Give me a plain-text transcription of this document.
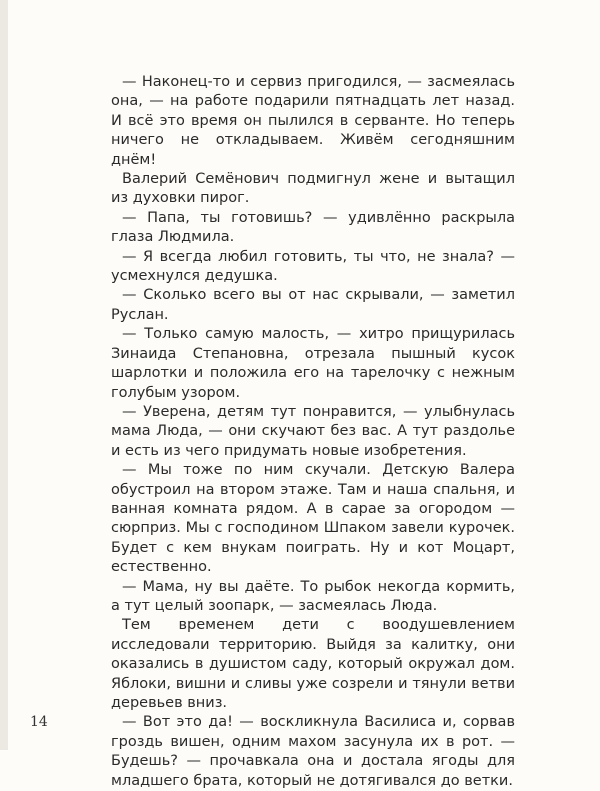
— Наконец-то и сервиз пригодился, — засмеялась она, — на работе подарили пятнадцать лет назад. И всё это время он пылился в серванте. Но теперь ничего не откладываем. Живём сегодняшним днём!

Валерий Семёнович подмигнул жене и вытащил из духовки пирог.

— Папа, ты готовишь? — удивлённо раскрыла глаза Людмила.

— Я всегда любил готовить, ты что, не знала? — усмехнулся дедушка.

— Сколько всего вы от нас скрывали, — заметил Руслан.

— Только самую малость, — хитро прищурилась Зинаида Степановна, отрезала пышный кусок шарлотки и положила его на тарелочку с нежным голубым узором.

— Уверена, детям тут понравится, — улыбнулась мама Люда, — они скучают без вас. А тут раздолье и есть из чего придумать новые изобретения.

— Мы тоже по ним скучали. Детскую Валера обустроил на втором этаже. Там и наша спальня, и ванная комната рядом. А в сарае за огородом — сюрприз. Мы с господином Шпаком завели курочек. Будет с кем внукам поиграть. Ну и кот Моцарт, естественно.

— Мама, ну вы даёте. То рыбок некогда кормить, а тут целый зоопарк, — засмеялась Люда.

Тем временем дети с воодушевлением исследовали территорию. Выйдя за калитку, они оказались в душистом саду, который окружал дом. Яблоки, вишни и сливы уже созрели и тянули ветви деревьев вниз.

— Вот это да! — воскликнула Василиса и, сорвав гроздь вишен, одним махом засунула их в рот. — Будешь? — прочавкала она и достала ягоды для младшего брата, который не дотягивался до ветки.

14
